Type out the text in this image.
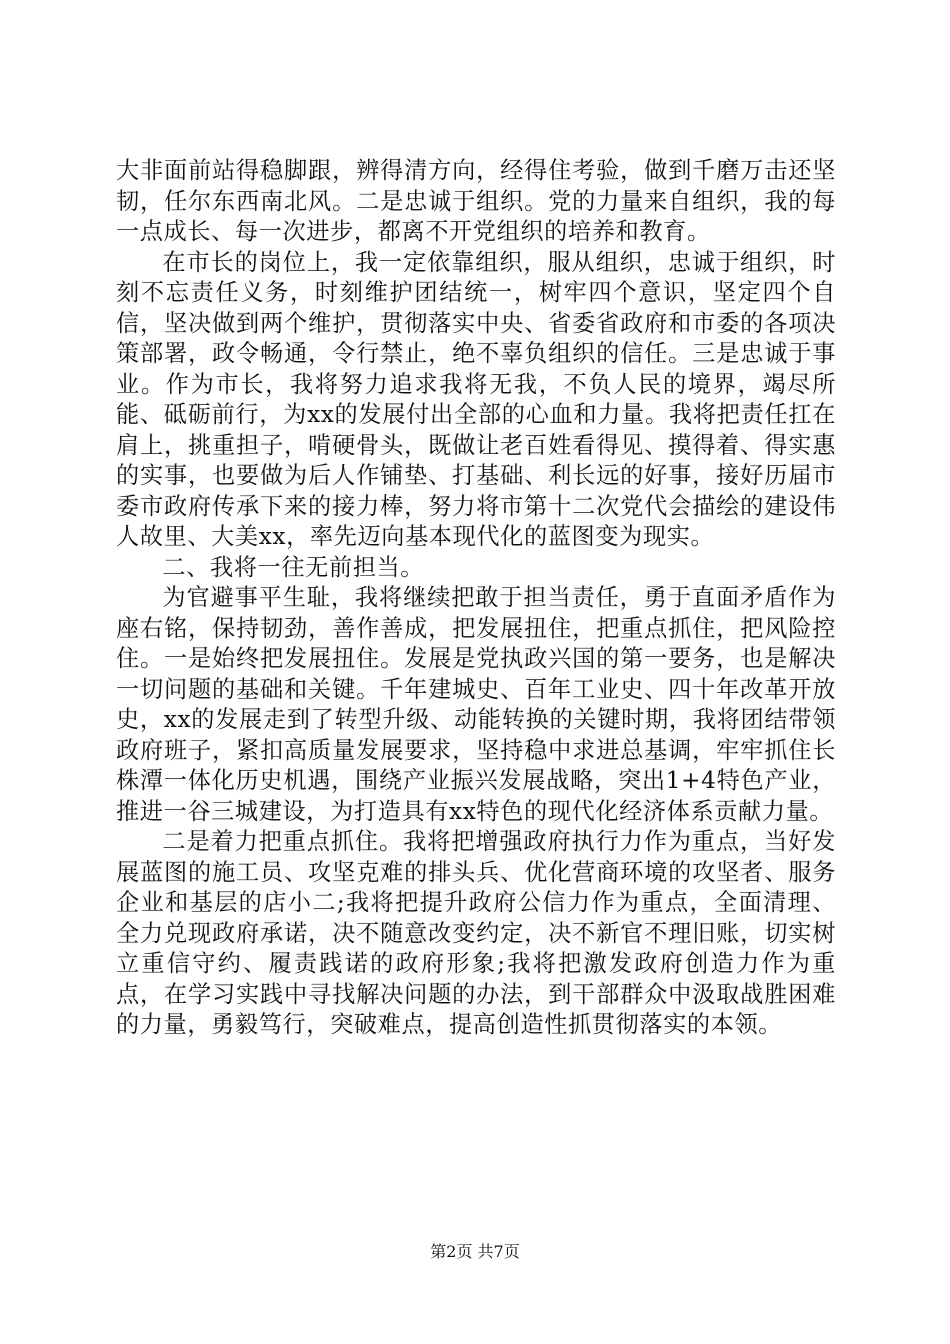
大非面前站得稳脚跟，辨得清方向，经得住考验，做到千磨万击还坚韧，任尔东西南北风。二是忠诚于组织。党的力量来自组织，我的每一点成长、每一次进步，都离不开党组织的培养和教育。

在市长的岗位上，我一定依靠组织，服从组织，忠诚于组织，时刻不忘责任义务，时刻维护团结统一，树牢四个意识，坚定四个自信，坚决做到两个维护，贯彻落实中央、省委省政府和市委的各项决策部署，政令畅通，令行禁止，绝不辜负组织的信任。三是忠诚于事业。作为市长，我将努力追求我将无我，不负人民的境界，竭尽所能、砥砺前行，为xx的发展付出全部的心血和力量。我将把责任扛在肩上，挑重担子，啃硬骨头，既做让老百姓看得见、摸得着、得实惠的实事，也要做为后人作铺垫、打基础、利长远的好事，接好历届市委市政府传承下来的接力棒，努力将市第十二次党代会描绘的建设伟人故里、大美xx，率先迈向基本现代化的蓝图变为现实。

二、我将一往无前担当。

为官避事平生耻，我将继续把敢于担当责任，勇于直面矛盾作为座右铭，保持韧劲，善作善成，把发展扭住，把重点抓住，把风险控住。一是始终把发展扭住。发展是党执政兴国的第一要务，也是解决一切问题的基础和关键。千年建城史、百年工业史、四十年改革开放史，xx的发展走到了转型升级、动能转换的关键时期，我将团结带领政府班子，紧扣高质量发展要求，坚持稳中求进总基调，牢牢抓住长株潭一体化历史机遇，围绕产业振兴发展战略，突出1+4特色产业，推进一谷三城建设，为打造具有xx特色的现代化经济体系贡献力量。

二是着力把重点抓住。我将把增强政府执行力作为重点，当好发展蓝图的施工员、攻坚克难的排头兵、优化营商环境的攻坚者、服务企业和基层的店小二;我将把提升政府公信力作为重点，全面清理、全力兑现政府承诺，决不随意改变约定，决不新官不理旧账，切实树立重信守约、履责践诺的政府形象;我将把激发政府创造力作为重点，在学习实践中寻找解决问题的办法，到干部群众中汲取战胜困难的力量，勇毅笃行，突破难点，提高创造性抓贯彻落实的本领。

第2页 共7页
